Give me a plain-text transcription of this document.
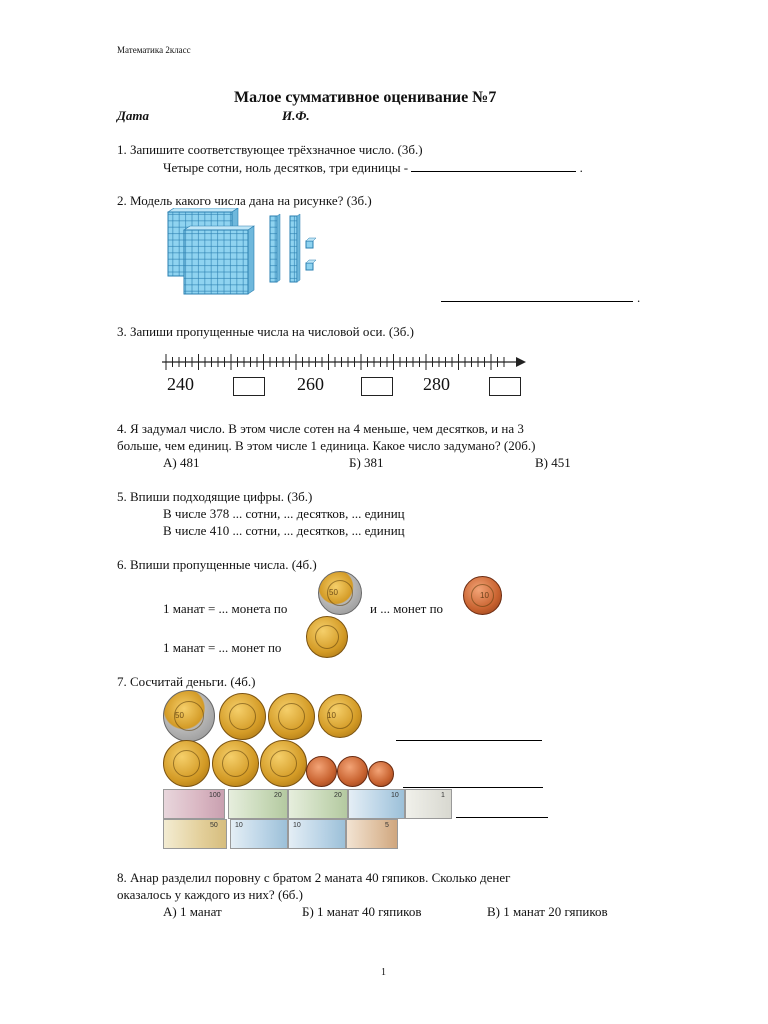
Математика 2класс
Малое суммативное оценивание №7
Дата	И.Ф.
1. Запишите соответствующее трёхзначное число. (3б.)
Четыре сотни, ноль десятков, три единицы -	.
2. Модель какого числа дана на рисунке? (3б.)
.
3. Запиши пропущенные числа на числовой оси. (3б.)
240	260	280
4. Я задумал число. В этом числе сотен на 4 меньше, чем десятков, и на 3
больше, чем единиц. В этом числе 1 единица. Какое число задумано? (20б.)
А) 481	Б) 381	В) 451
5. Впиши подходящие цифры. (3б.)
В числе 378 ... сотни, ... десятков, ... единиц
В числе 410 ... сотни, ... десятков, ... единиц
6. Впиши пропущенные числа. (4б.)
1 манат = ... монета по
50
и ... монет по
10
1 манат = ... монет по
7. Сосчитай деньги. (4б.)
50	10
100	20	20	10	1
50 10	10	5
8. Анар разделил поровну с братом 2 маната 40 гяпиков. Сколько денег
оказалось у каждого из них? (6б.)
А) 1 манат	Б) 1 манат 40 гяпиков	В) 1 манат 20 гяпиков
1
